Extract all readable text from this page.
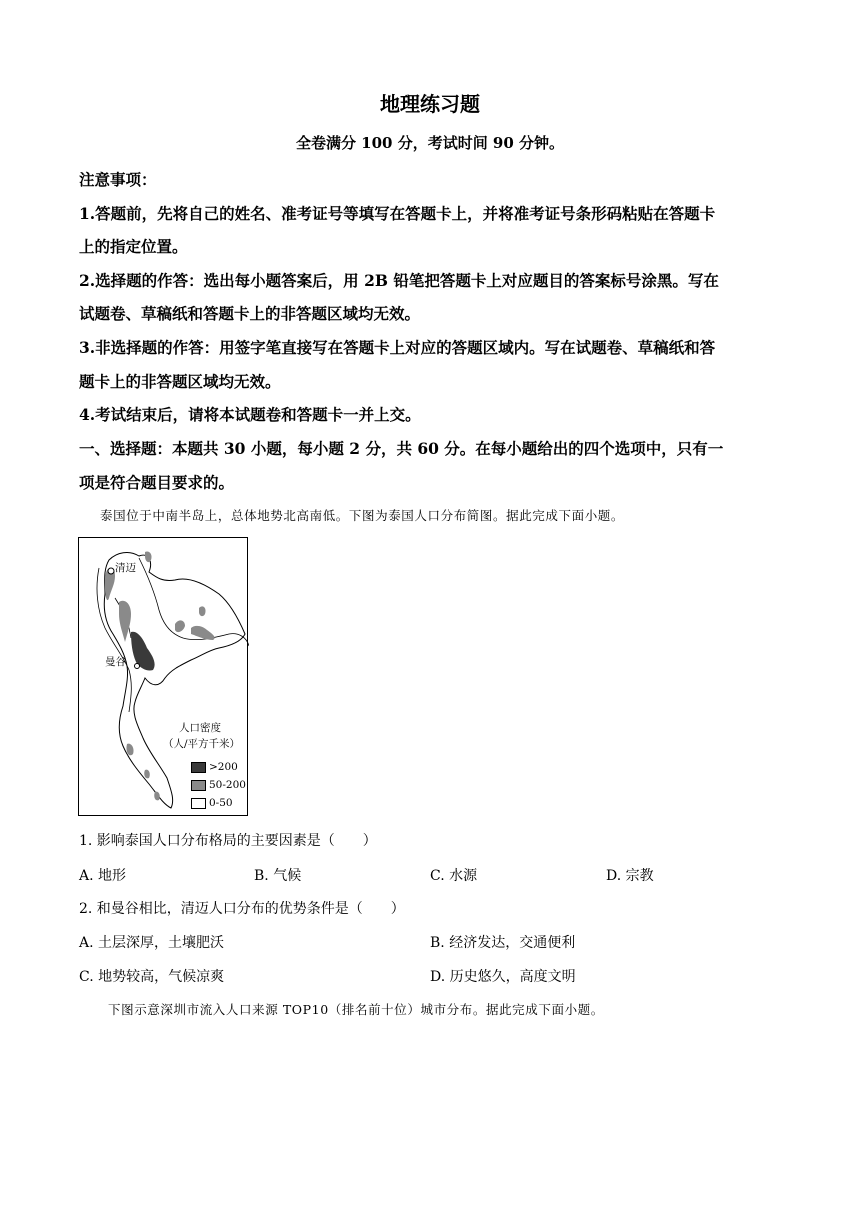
地理练习题
全卷满分 100 分，考试时间 90 分钟。
注意事项：
1.答题前，先将自己的姓名、准考证号等填写在答题卡上，并将准考证号条形码粘贴在答题卡
上的指定位置。
2.选择题的作答：选出每小题答案后，用 2B 铅笔把答题卡上对应题目的答案标号涂黑。写在
试题卷、草稿纸和答题卡上的非答题区域均无效。
3.非选择题的作答：用签字笔直接写在答题卡上对应的答题区域内。写在试题卷、草稿纸和答
题卡上的非答题区域均无效。
4.考试结束后，请将本试题卷和答题卡一并上交。
一、选择题：本题共 30 小题，每小题 2 分，共 60 分。在每小题给出的四个选项中，只有一
项是符合题目要求的。
泰国位于中南半岛上，总体地势北高南低。下图为泰国人口分布简图。据此完成下面小题。
清迈
曼谷
人口密度
（人/平方千米）
>200
50-200
0-50
1. 影响泰国人口分布格局的主要因素是（　　）
A. 地形	B. 气候	C. 水源	D. 宗教
2. 和曼谷相比，清迈人口分布的优势条件是（　　）
A. 土层深厚，土壤肥沃	B. 经济发达，交通便利
C. 地势较高，气候凉爽	D. 历史悠久，高度文明
下图示意深圳市流入人口来源 TOP10（排名前十位）城市分布。据此完成下面小题。
